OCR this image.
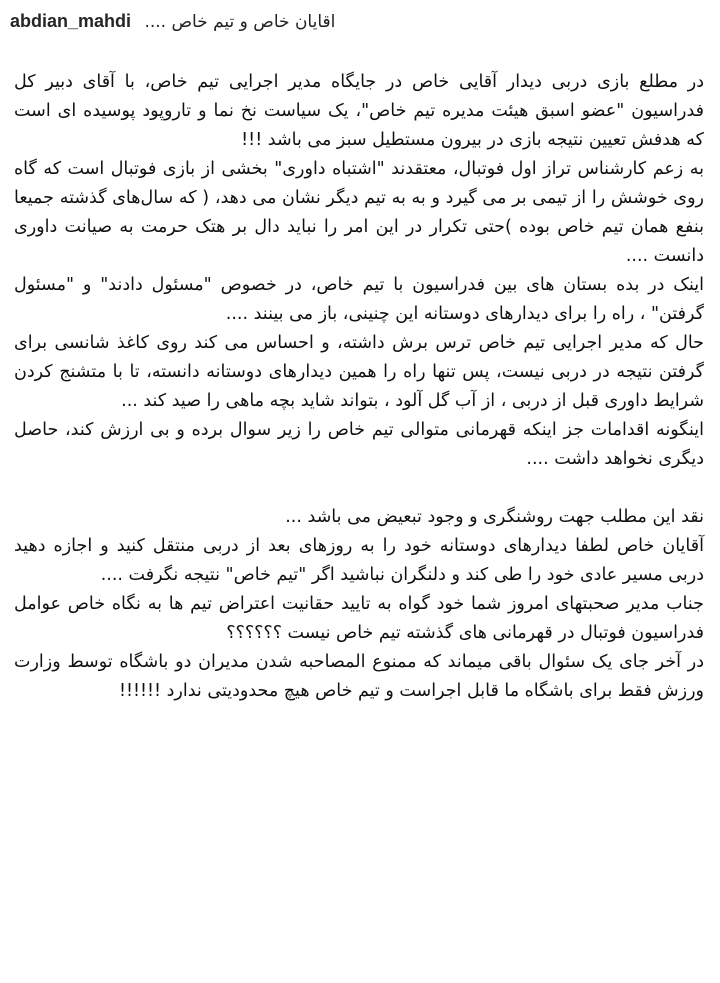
abdian_mahdi اقایان خاص و تیم خاص ....

در مطلع بازی دربی دیدار آقایی خاص در جایگاه مدیر اجرایی تیم خاص، با آقای دبیر کل فدراسیون "عضو اسبق هیئت مدیره تیم خاص"، یک سیاست نخ نما و تاروپود پوسیده ای است که هدفش تعیین نتیجه بازی در بیرون مستطیل سبز می باشد !!!

به زعم کارشناس تراز اول فوتبال، معتقدند "اشتباه داوری" بخشی از بازی فوتبال است که گاه روی خوشش را از تیمی بر می گیرد و به به تیم دیگر نشان می دهد، ( که سال‌های گذشته جمیعا بنفع همان تیم خاص بوده )حتی تکرار در این امر را نباید دال بر هتک حرمت به صیانت داوری دانست ....

اینک در بده بستان های بین فدراسیون با تیم خاص، در خصوص "مسئول دادند" و "مسئول گرفتن" ، راه را برای دیدارهای دوستانه این چنینی، باز می بینند ....

حال که مدیر اجرایی تیم خاص ترس برش داشته، و احساس می کند روی کاغذ شانسی برای گرفتن نتیجه در دربی نیست، پس تنها راه را همین دیدارهای دوستانه دانسته، تا با متشنج کردن شرایط داوری قبل از دربی ، از آب گل آلود ، بتواند شاید بچه ماهی را صید کند ...

اینگونه اقدامات جز اینکه قهرمانی متوالی تیم خاص را زیر سوال برده و بی ارزش کند، حاصل دیگری نخواهد داشت ....

نقد این مطلب جهت روشنگری و وجود تبعیض می باشد ...

آقایان خاص لطفا دیدارهای دوستانه خود را به روزهای بعد از دربی منتقل کنید و اجازه دهید دربی مسیر عادی خود را طی کند و دلنگران نباشید اگر "تیم خاص" نتیجه نگرفت ....

جناب مدیر صحبتهای امروز شما خود گواه به تایید حقانیت اعتراض تیم ها به نگاه خاص عوامل فدراسیون فوتبال در قهرمانی های گذشته تیم خاص نیست ؟؟؟؟؟؟

در آخر جای یک سئوال باقی میماند که ممنوع المصاحبه شدن مدیران دو باشگاه توسط وزارت ورزش فقط برای باشگاه ما قابل اجراست و تیم خاص هیچ محدودیتی ندارد !!!!!!
